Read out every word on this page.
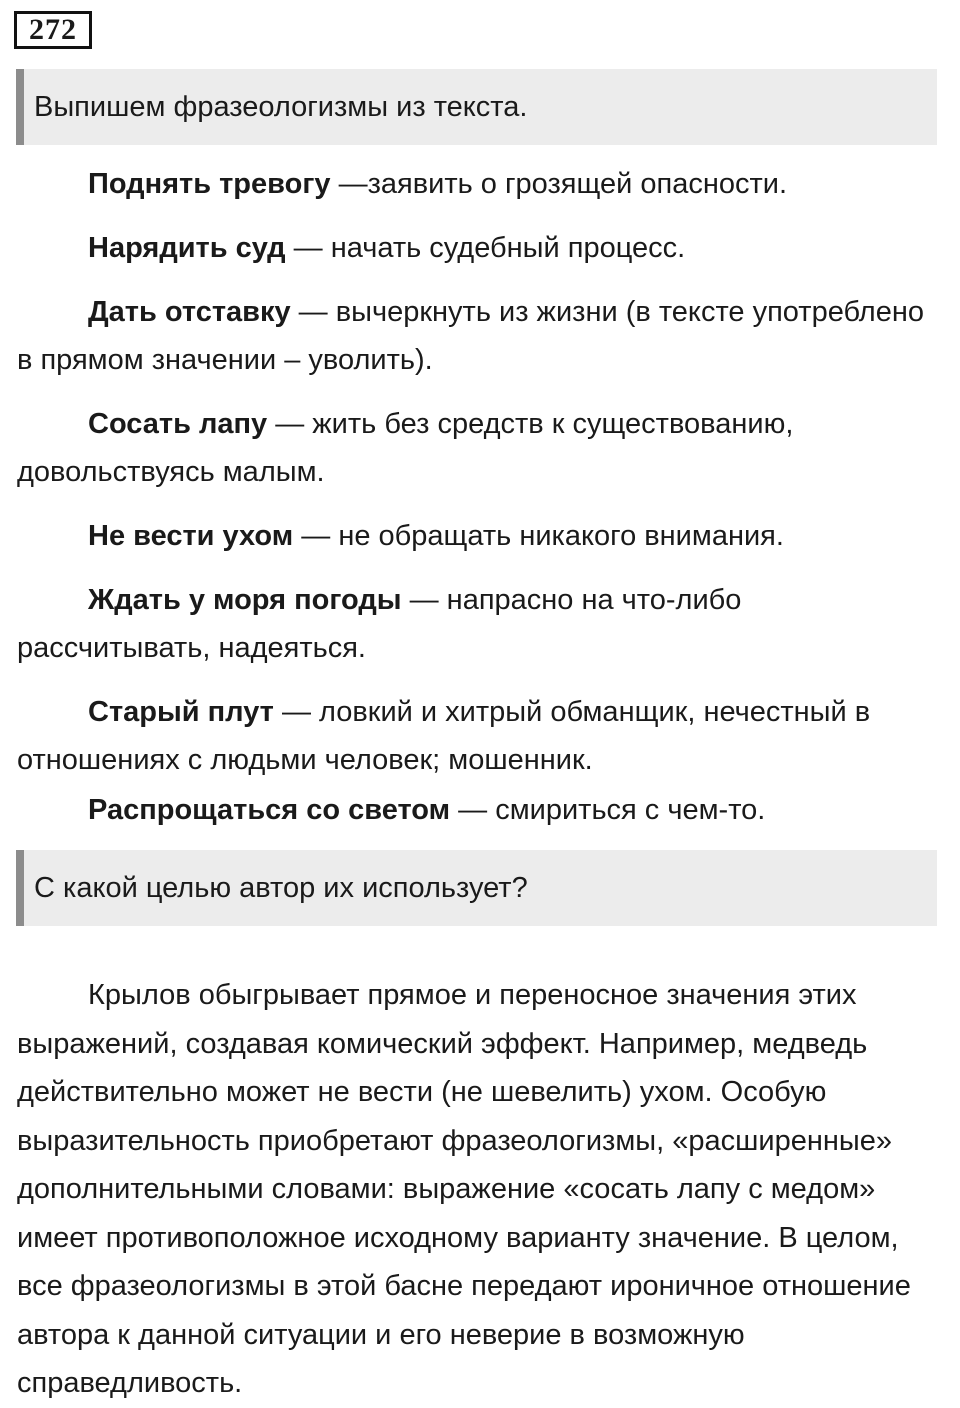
272
Выпишем фразеологизмы из текста.

Поднять тревогу —заявить о грозящей опасности.

Нарядить суд — начать судебный процесс.

Дать отставку — вычеркнуть из жизни (в тексте употреблено в прямом значении – уволить).

Сосать лапу — жить без средств к существованию, довольствуясь малым.

Не вести ухом — не обращать никакого внимания.

Ждать у моря погоды — напрасно на что-либо рассчитывать, надеяться.

Старый плут — ловкий и хитрый обманщик, нечестный в отношениях с людьми человек; мошенник.

Распрощаться со светом — смириться с чем-то.

С какой целью автор их использует?

Крылов обыгрывает прямое и переносное значения этих выражений, создавая комический эффект. Например, медведь действительно может не вести (не шевелить) ухом. Особую выразительность приобретают фразеологизмы, «расширенные» дополнительными словами: выражение «сосать лапу с медом» имеет противоположное исходному варианту значение. В целом, все фразеологизмы в этой басне передают ироничное отношение автора к данной ситуации и его неверие в возможную справедливость.
